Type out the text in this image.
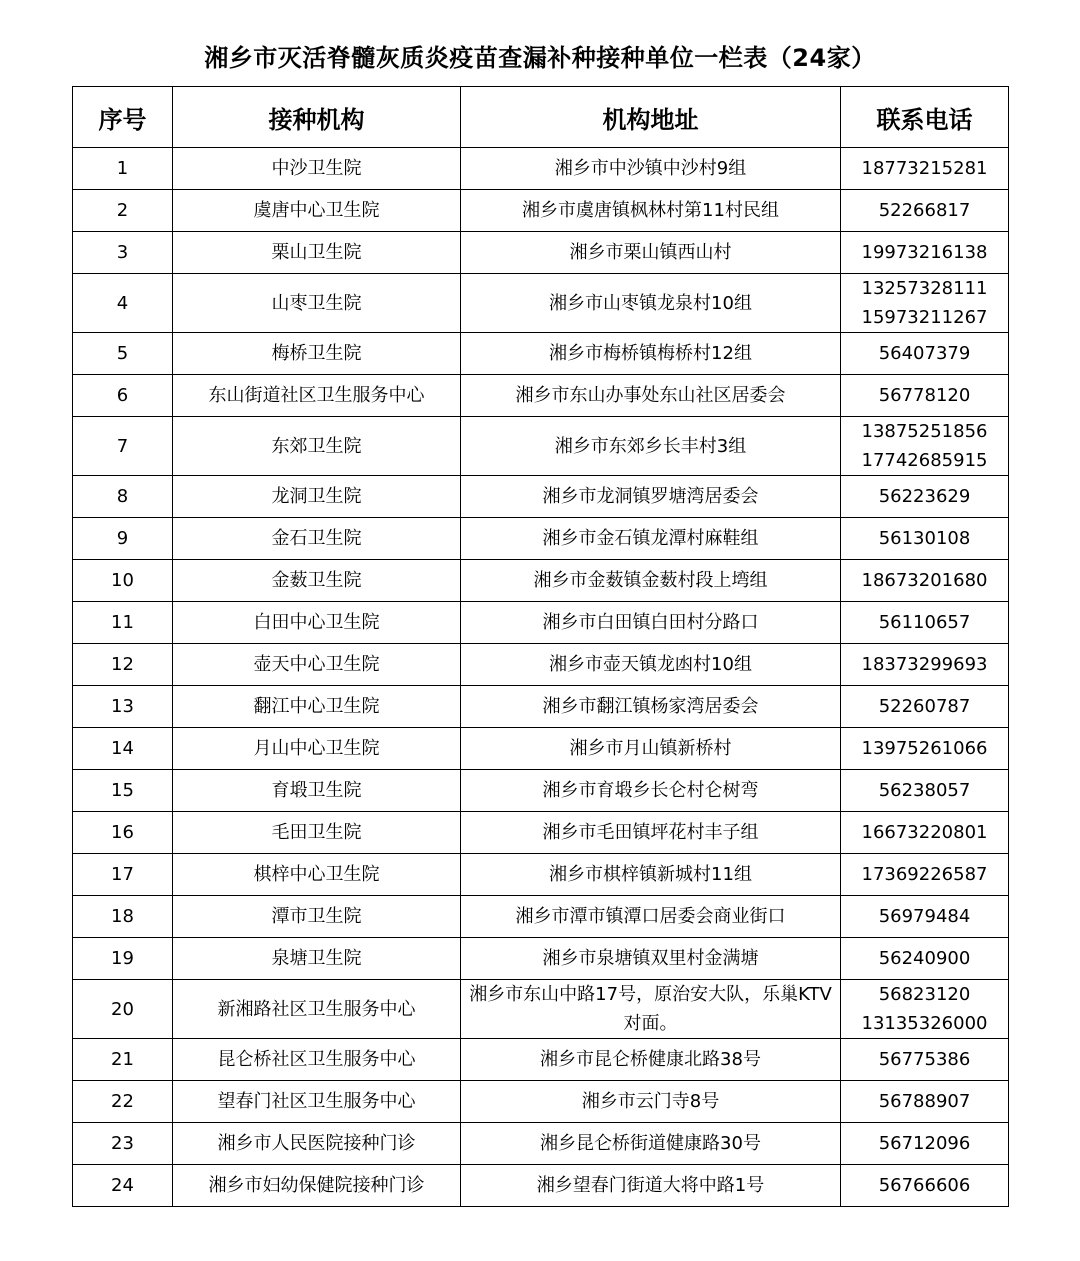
湘乡市灭活脊髓灰质炎疫苗查漏补种接种单位一栏表（24家）
序号	接种机构	机构地址	联系电话
1	中沙卫生院	湘乡市中沙镇中沙村9组	18773215281

2	虞唐中心卫生院	湘乡市虞唐镇枫林村第11村民组	52266817

3	栗山卫生院	湘乡市栗山镇西山村	19973216138

4	山枣卫生院	湘乡市山枣镇龙泉村10组	13257328111
15973211267

5	梅桥卫生院	湘乡市梅桥镇梅桥村12组	56407379

6	东山街道社区卫生服务中心	湘乡市东山办事处东山社区居委会	56778120

7	东郊卫生院	湘乡市东郊乡长丰村3组	13875251856
17742685915

8	龙洞卫生院	湘乡市龙洞镇罗塘湾居委会	56223629

9	金石卫生院	湘乡市金石镇龙潭村麻鞋组	56130108

10	金薮卫生院	湘乡市金薮镇金薮村段上塆组	18673201680

11	白田中心卫生院	湘乡市白田镇白田村分路口	56110657

12	壶天中心卫生院	湘乡市壶天镇龙凼村10组	18373299693

13	翻江中心卫生院	湘乡市翻江镇杨家湾居委会	52260787

14	月山中心卫生院	湘乡市月山镇新桥村	13975261066

15	育塅卫生院	湘乡市育塅乡长仑村仑树弯	56238057

16	毛田卫生院	湘乡市毛田镇坪花村丰子组	16673220801

17	棋梓中心卫生院	湘乡市棋梓镇新城村11组	17369226587

18	潭市卫生院	湘乡市潭市镇潭口居委会商业街口	56979484

19	泉塘卫生院	湘乡市泉塘镇双里村金满塘	56240900

20	新湘路社区卫生服务中心	湘乡市东山中路17号，原治安大队，乐巢KTV对面。	56823120
13135326000

21	昆仑桥社区卫生服务中心	湘乡市昆仑桥健康北路38号	56775386

22	望春门社区卫生服务中心	湘乡市云门寺8号	56788907

23	湘乡市人民医院接种门诊	湘乡昆仑桥街道健康路30号	56712096

24	湘乡市妇幼保健院接种门诊	湘乡望春门街道大将中路1号	56766606
